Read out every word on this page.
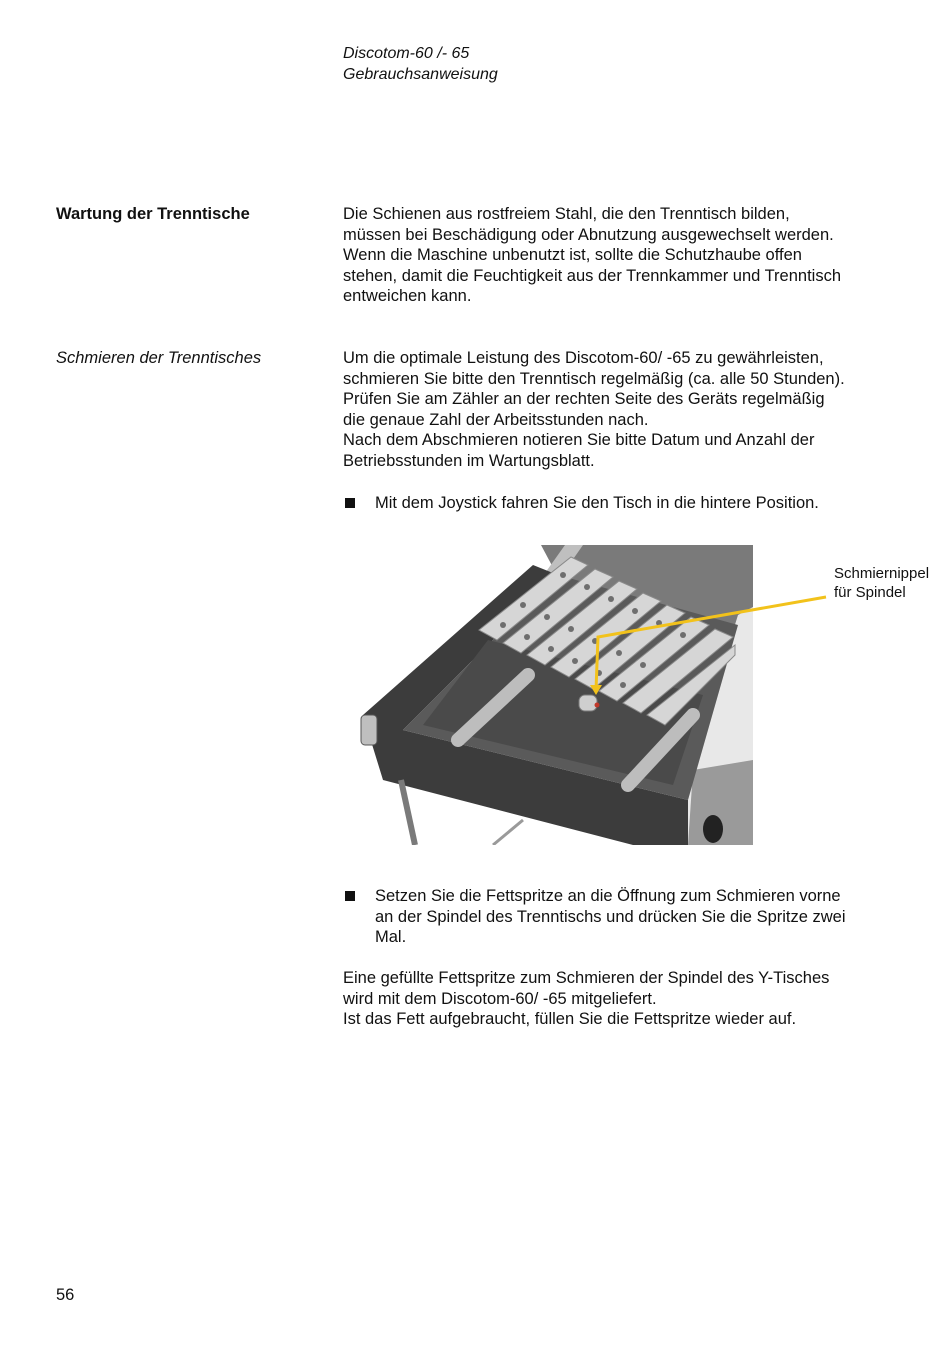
Discotom-60 /- 65
Gebrauchsanweisung
Wartung der Trenntische	Die Schienen aus rostfreiem Stahl, die den Trenntisch bilden,
müssen bei Beschädigung oder Abnutzung ausgewechselt werden.
Wenn die Maschine unbenutzt ist, sollte die Schutzhaube offen
stehen, damit die Feuchtigkeit aus der Trennkammer und Trenntisch
entweichen kann.
Schmieren der Trenntisches	Um die optimale Leistung des Discotom-60/ -65 zu gewährleisten,
schmieren Sie bitte den Trenntisch regelmäßig (ca. alle 50 Stunden).
Prüfen Sie am Zähler an der rechten Seite des Geräts regelmäßig
die genaue Zahl der Arbeitsstunden nach.
Nach dem Abschmieren notieren Sie bitte Datum und Anzahl der
Betriebsstunden im Wartungsblatt.
Mit dem Joystick fahren Sie den Tisch in die hintere Position.
Schmiernippel
für Spindel
Setzen Sie die Fettspritze an die Öffnung zum Schmieren vorne
an der Spindel des Trenntischs und drücken Sie die Spritze zwei
Mal.
Eine gefüllte Fettspritze zum Schmieren der Spindel des Y-Tisches
wird mit dem Discotom-60/ -65 mitgeliefert.
Ist das Fett aufgebraucht, füllen Sie die Fettspritze wieder auf.
56
